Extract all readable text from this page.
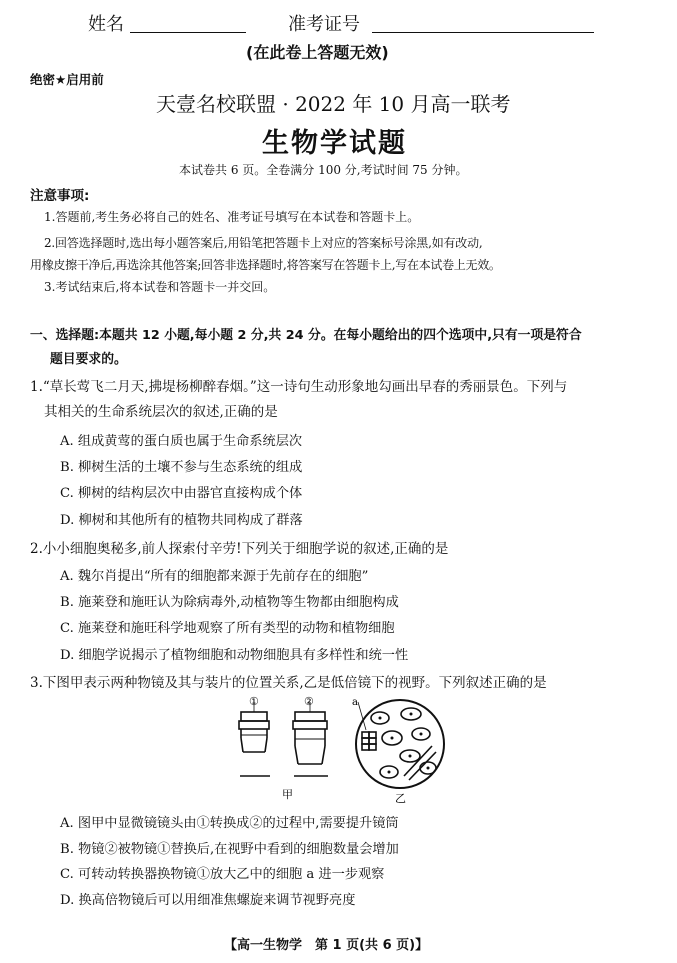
姓名	准考证号
(在此卷上答题无效)
绝密★启用前
天壹名校联盟 · 2022 年 10 月高一联考
生物学试题
本试卷共 6 页。全卷满分 100 分,考试时间 75 分钟。
注意事项:
1.答题前,考生务必将自己的姓名、准考证号填写在本试卷和答题卡上。
2.回答选择题时,选出每小题答案后,用铅笔把答题卡上对应的答案标号涂黑,如有改动,
用橡皮擦干净后,再选涂其他答案;回答非选择题时,将答案写在答题卡上,写在本试卷上无效。
3.考试结束后,将本试卷和答题卡一并交回。
一、选择题:本题共 12 小题,每小题 2 分,共 24 分。在每小题给出的四个选项中,只有一项是符合
题目要求的。
1.“草长莺飞二月天,拂堤杨柳醉春烟。”这一诗句生动形象地勾画出早春的秀丽景色。下列与
其相关的生命系统层次的叙述,正确的是
A. 组成黄莺的蛋白质也属于生命系统层次
B. 柳树生活的土壤不参与生态系统的组成
C. 柳树的结构层次中由器官直接构成个体
D. 柳树和其他所有的植物共同构成了群落
2.小小细胞奥秘多,前人探索付辛劳!下列关于细胞学说的叙述,正确的是
A. 魏尔肖提出“所有的细胞都来源于先前存在的细胞”
B. 施莱登和施旺认为除病毒外,动植物等生物都由细胞构成
C. 施莱登和施旺科学地观察了所有类型的动物和植物细胞
D. 细胞学说揭示了植物细胞和动物细胞具有多样性和统一性
3.下图甲表示两种物镜及其与装片的位置关系,乙是低倍镜下的视野。下列叙述正确的是
①	②	a
甲	乙
A. 图甲中显微镜镜头由①转换成②的过程中,需要提升镜筒
B. 物镜②被物镜①替换后,在视野中看到的细胞数量会增加
C. 可转动转换器换物镜①放大乙中的细胞 a 进一步观察
D. 换高倍物镜后可以用细准焦螺旋来调节视野亮度
【高一生物学　第 1 页(共 6 页)】
